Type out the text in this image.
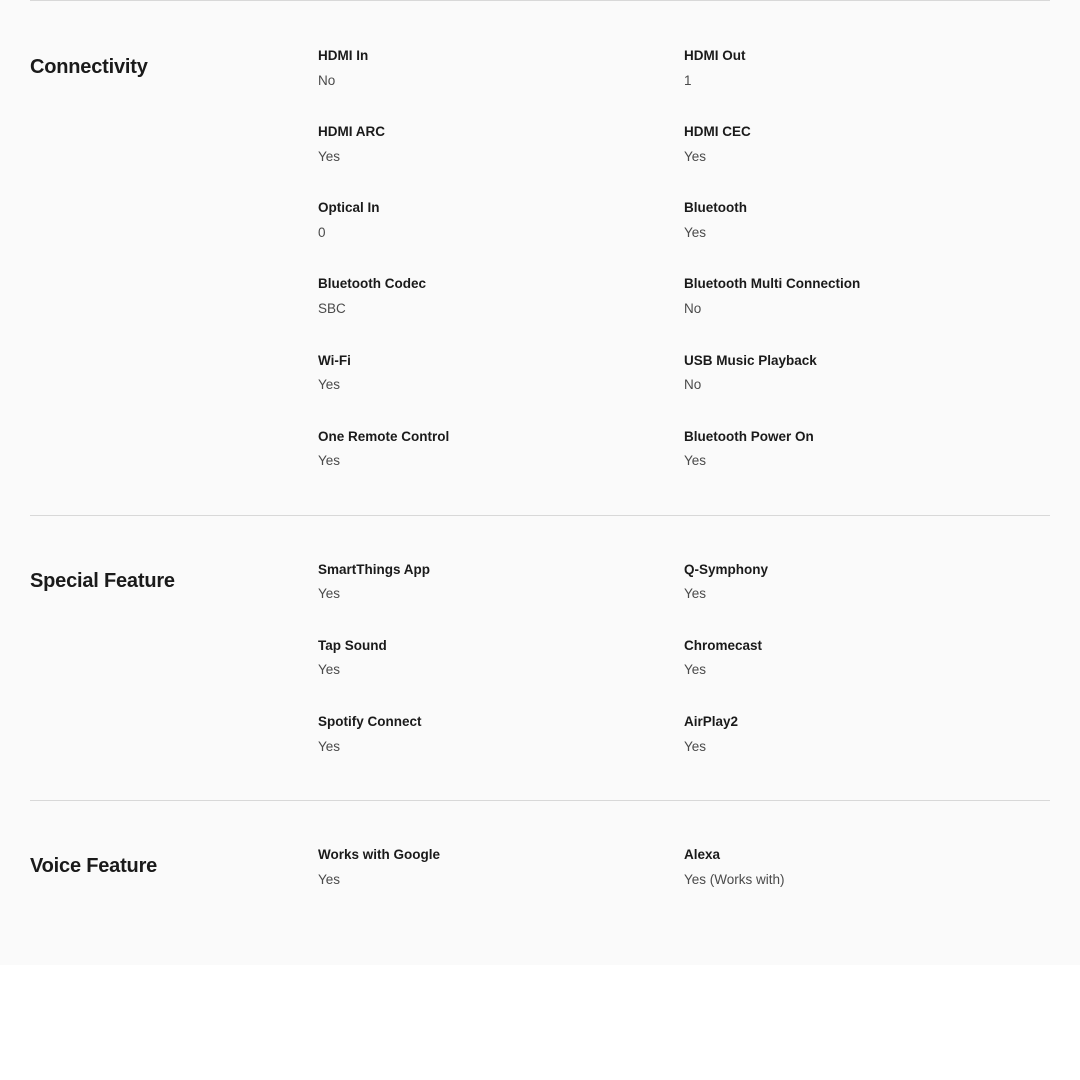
Connectivity
HDMI In
No
HDMI Out
1
HDMI ARC
Yes
HDMI CEC
Yes
Optical In
0
Bluetooth
Yes
Bluetooth Codec
SBC
Bluetooth Multi Connection
No
Wi-Fi
Yes
USB Music Playback
No
One Remote Control
Yes
Bluetooth Power On
Yes
Special Feature
SmartThings App
Yes
Q-Symphony
Yes
Tap Sound
Yes
Chromecast
Yes
Spotify Connect
Yes
AirPlay2
Yes
Voice Feature
Works with Google
Yes
Alexa
Yes (Works with)
